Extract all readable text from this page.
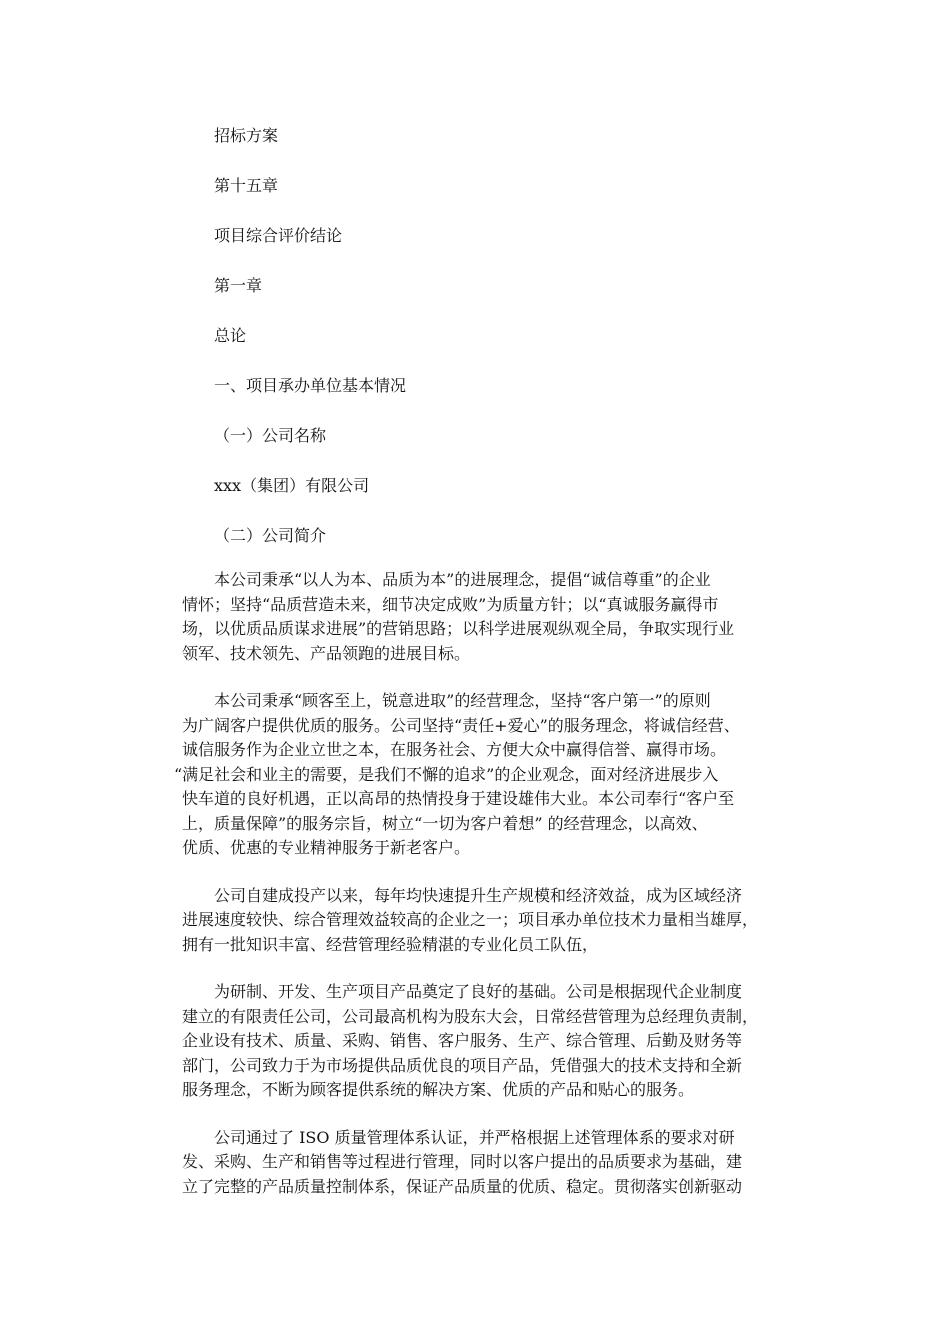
招标方案
第十五章
项目综合评价结论
第一章
总论
一、项目承办单位基本情况
（一）公司名称
xxx（集团）有限公司
（二）公司简介
本公司秉承“以人为本、品质为本”的进展理念，提倡“诚信尊重”的企业
情怀；坚持“品质营造未来，细节决定成败”为质量方针；以“真诚服务赢得市
场，以优质品质谋求进展”的营销思路；以科学进展观纵观全局，争取实现行业
领军、技术领先、产品领跑的进展目标。
本公司秉承“顾客至上，锐意进取”的经营理念，坚持“客户第一”的原则
为广阔客户提供优质的服务。公司坚持“责任+爱心”的服务理念，将诚信经营、
诚信服务作为企业立世之本，在服务社会、方便大众中赢得信誉、赢得市场。
“满足社会和业主的需要，是我们不懈的追求”的企业观念，面对经济进展步入
快车道的良好机遇，正以高昂的热情投身于建设雄伟大业。本公司奉行“客户至
上，质量保障”的服务宗旨，树立“一切为客户着想” 的经营理念，以高效、
优质、优惠的专业精神服务于新老客户。
公司自建成投产以来，每年均快速提升生产规模和经济效益，成为区域经济
进展速度较快、综合管理效益较高的企业之一；项目承办单位技术力量相当雄厚，
拥有一批知识丰富、经营管理经验精湛的专业化员工队伍，
为研制、开发、生产项目产品奠定了良好的基础。公司是根据现代企业制度
建立的有限责任公司，公司最高机构为股东大会，日常经营管理为总经理负责制，
企业设有技术、质量、采购、销售、客户服务、生产、综合管理、后勤及财务等
部门，公司致力于为市场提供品质优良的项目产品，凭借强大的技术支持和全新
服务理念，不断为顾客提供系统的解决方案、优质的产品和贴心的服务。
公司通过了 ISO 质量管理体系认证，并严格根据上述管理体系的要求对研
发、采购、生产和销售等过程进行管理，同时以客户提出的品质要求为基础，建
立了完整的产品质量控制体系，保证产品质量的优质、稳定。贯彻落实创新驱动
